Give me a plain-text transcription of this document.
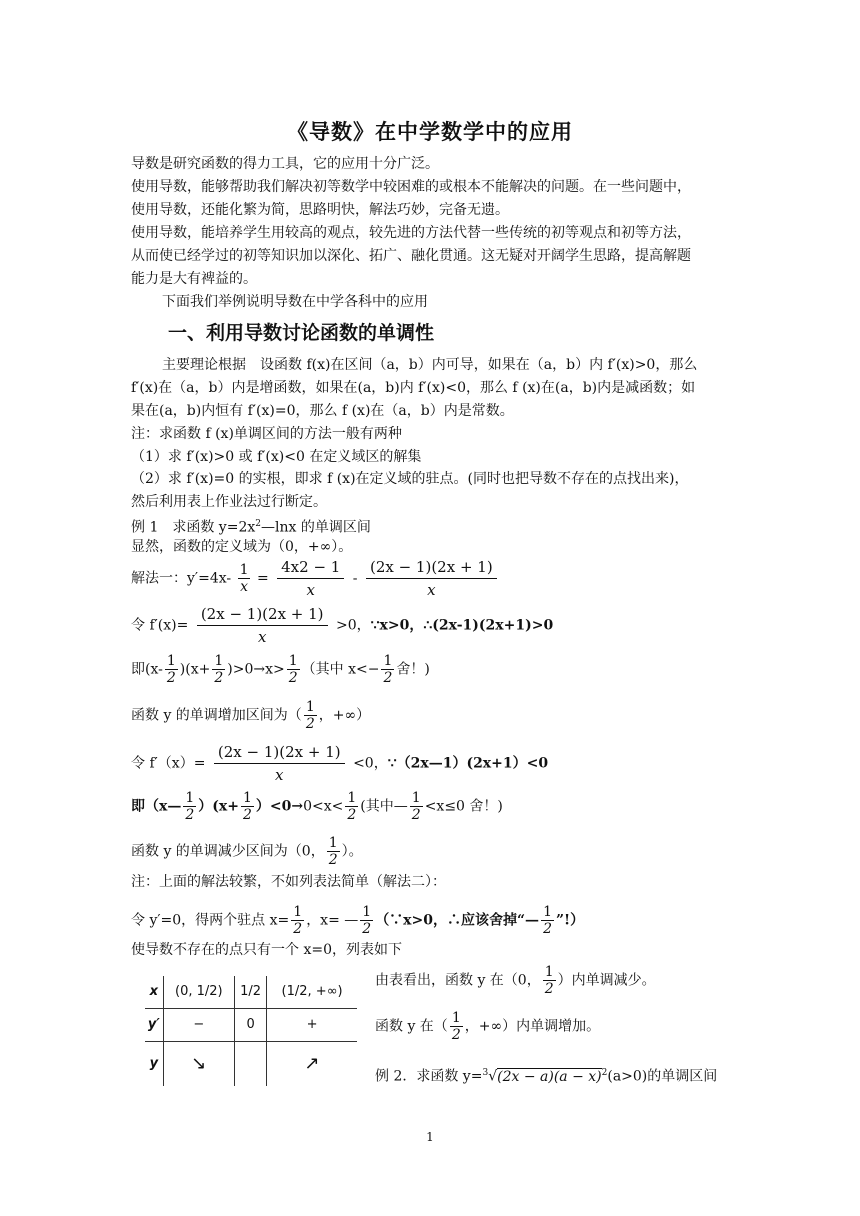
《导数》在中学数学中的应用
导数是研究函数的得力工具，它的应用十分广泛。
使用导数，能够帮助我们解决初等数学中较困难的或根本不能解决的问题。在一些问题中，
使用导数，还能化繁为简，思路明快，解法巧妙，完备无遗。
使用导数，能培养学生用较高的观点，较先进的方法代替一些传统的初等观点和初等方法，
从而使已经学过的初等知识加以深化、拓广、融化贯通。这无疑对开阔学生思路，提高解题
能力是大有裨益的。
下面我们举例说明导数在中学各科中的应用
一、利用导数讨论函数的单调性
主要理论根据　设函数 f(x)在区间（a，b）内可导，如果在（a，b）内 f′(x)>0，那么
f′(x)在（a，b）内是增函数，如果在(a，b)内 f′(x)<0，那么 f (x)在(a，b)内是减函数；如
果在(a，b)内恒有 f′(x)=0，那么 f (x)在（a，b）内是常数。
注：求函数 f (x)单调区间的方法一般有两种
（1）求 f′(x)>0 或 f′(x)<0 在定义域区的解集
（2）求 f′(x)=0 的实根，即求 f (x)在定义域的驻点。(同时也把导数不存在的点找出来)，
然后利用表上作业法过行断定。
例 1　求函数 $y=2x^2—\ln x$ 的单调区间
显然，函数的定义域为（0，+∞）。
解法一：$y'=4x- \frac{1}{x} = \frac{4x2 - 1}{x} - \frac{(2x - 1)(2x + 1)}{x}$
令 $f'(x)= \frac{(2x - 1)(2x + 1)}{x} >0$，∵x>0，∴(2x-1)(2x+1)>0
即$(x- \frac{1}{2} )(x+ \frac{1}{2} )>0\to x> \frac{1}{2}$ （其中 $x<- \frac{1}{2}$ 舍！)
函数 y 的单调增加区间为（ $\frac{1}{2}$ ，+∞）
令 $f'(x)= \frac{(2x - 1)(2x + 1)}{x} <0$，∵（2x—1）(2x+1）<0
即（x— $\frac{1}{2} )(x+ \frac{1}{2} )<0\to 0<x< \frac{1}{2}$ (其中— $\frac{1}{2} <x\le 0$ 舍！)
函数 y 的单调减少区间为（0， $\frac{1}{2}$ ）。
注：上面的解法较繁，不如列表法简单（解法二）：
令 y′=0，得两个驻点 $x= \frac{1}{2}$ ，x= — $\frac{1}{2}$ （∵x>0，∴应该舍掉“— $\frac{1}{2}$ ”!）
使导数不存在的点只有一个 x=0，列表如下
x	(0, 1/2)	1/2	(1/2, +∞)
y′	−	0	+
y	↘		↗
由表看出，函数 y 在（0， $\frac{1}{2}$ ）内单调减少。
函数 y 在（ $\frac{1}{2}$ ，+∞）内单调增加。
例 2．求函数 $y=^3√(2x - a)(a - x)^2(a>0)$的单调区间
1
